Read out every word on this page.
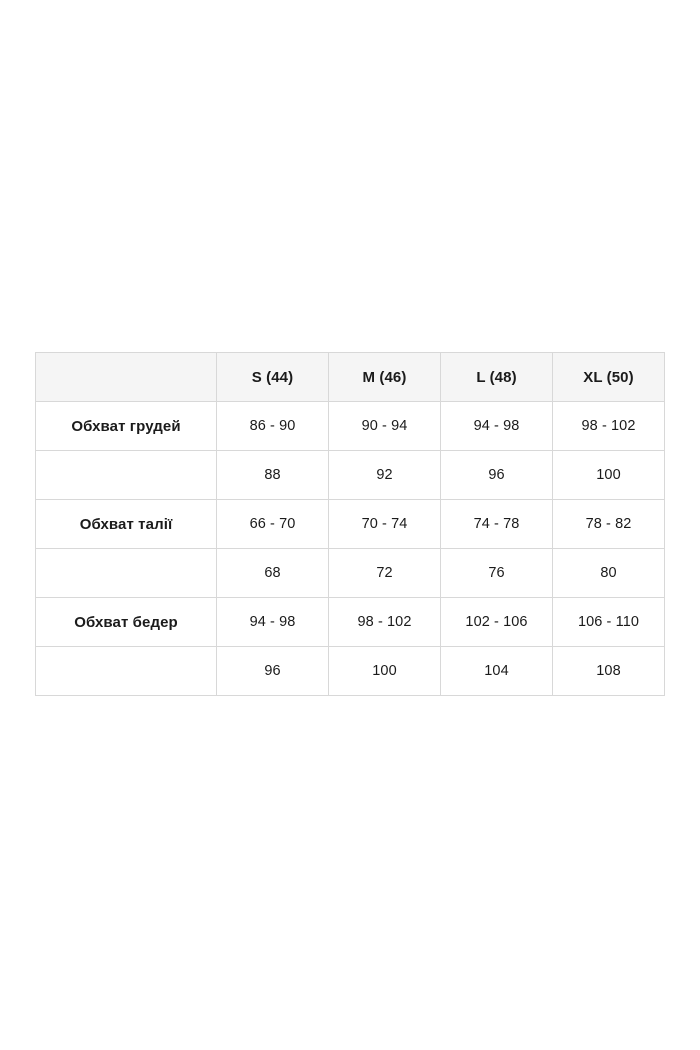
	S (44)	M (46)	L (48)	XL (50)
Обхват грудей	86 - 90	90 - 94	94 - 98	98 - 102
	88	92	96	100
Обхват талії	66 - 70	70 - 74	74 - 78	78 - 82
	68	72	76	80
Обхват бедер	94 - 98	98 - 102	102 - 106	106 - 110
	96	100	104	108
